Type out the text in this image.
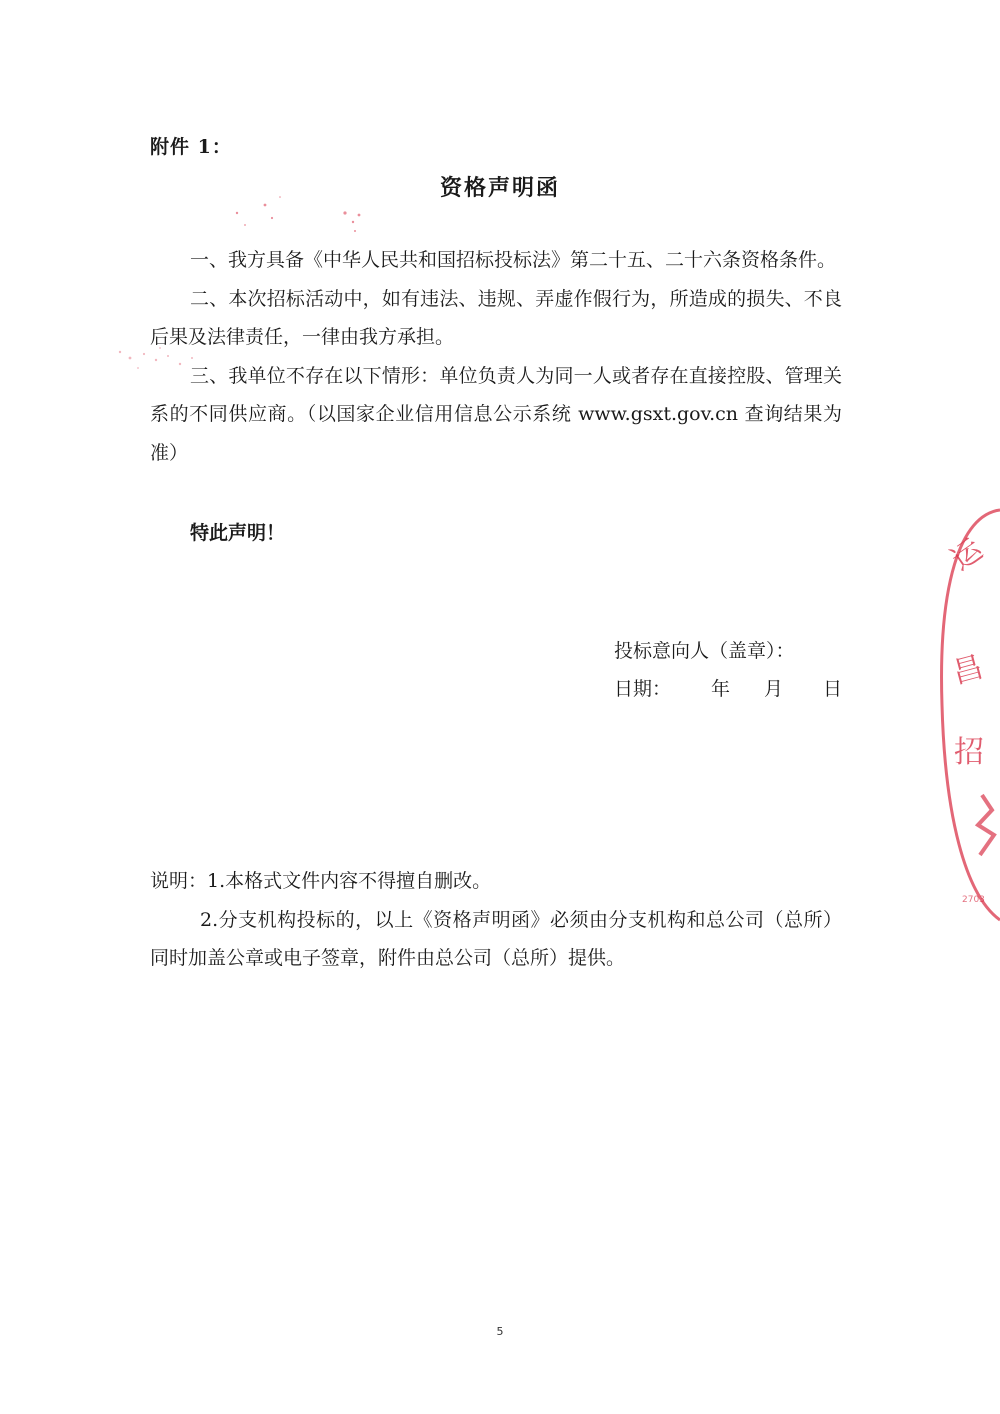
附件 1：
资格声明函

一、我方具备《中华人民共和国招标投标法》第二十五、二十六条资格条件。

二、本次招标活动中，如有违法、违规、弄虚作假行为，所造成的损失、不良后果及法律责任，一律由我方承担。

三、我单位不存在以下情形：单位负责人为同一人或者存在直接控股、管理关系的不同供应商。（以国家企业信用信息公示系统 www.gsxt.gov.cn 查询结果为准）

特此声明！
投标意向人（盖章）：
日期： 年 月 日

说明：1.本格式文件内容不得擅自删改。

2.分支机构投标的，以上《资格声明函》必须由分支机构和总公司（总所）同时加盖公章或电子签章，附件由总公司（总所）提供。

5
运
昌
招
2703
